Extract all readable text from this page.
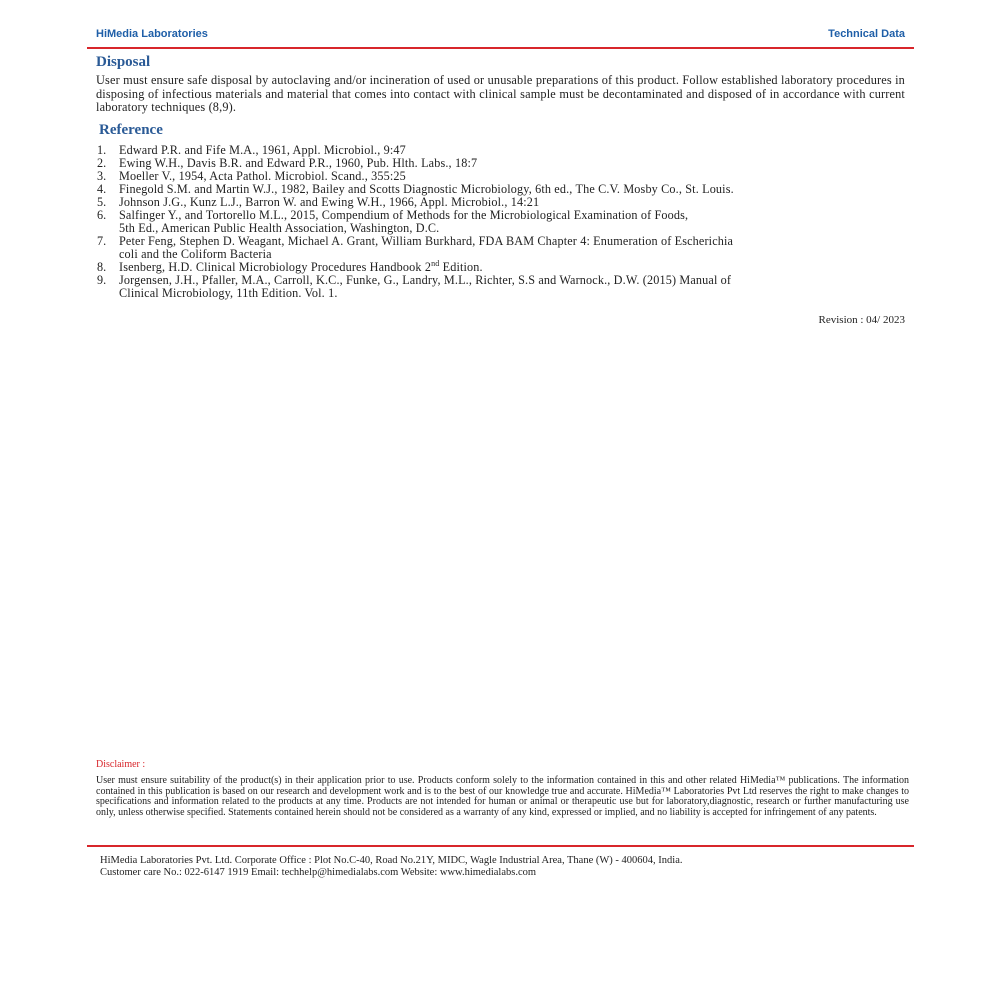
HiMedia Laboratories	Technical Data
Disposal
User must ensure safe disposal by autoclaving and/or incineration of used or unusable preparations of this product. Follow established laboratory procedures in disposing of infectious materials and material that comes into contact with clinical sample must be decontaminated and disposed of in accordance with current laboratory techniques (8,9).
Reference
1.	Edward P.R. and Fife M.A., 1961, Appl. Microbiol., 9:47
2.	Ewing W.H., Davis B.R. and Edward P.R., 1960, Pub. Hlth. Labs., 18:7
3.	Moeller V., 1954, Acta Pathol. Microbiol. Scand., 355:25
4.	Finegold S.M. and Martin W.J., 1982, Bailey and Scotts Diagnostic Microbiology, 6th ed., The C.V. Mosby Co., St. Louis.
5.	Johnson J.G., Kunz L.J., Barron W. and Ewing W.H., 1966, Appl. Microbiol., 14:21
6.	Salfinger Y., and Tortorello M.L., 2015, Compendium of Methods for the Microbiological Examination of Foods,
5th Ed., American Public Health Association, Washington, D.C.
7.	Peter Feng, Stephen D. Weagant, Michael A. Grant, William Burkhard, FDA BAM Chapter 4: Enumeration of Escherichia
coli and the Coliform Bacteria
8.	Isenberg, H.D. Clinical Microbiology Procedures Handbook 2nd Edition.
9.	Jorgensen, J.H., Pfaller, M.A., Carroll, K.C., Funke, G., Landry, M.L., Richter, S.S and Warnock., D.W. (2015) Manual of
Clinical Microbiology, 11th Edition. Vol. 1.
Revision : 04/ 2023
Disclaimer :
User must ensure suitability of the product(s) in their application prior to use. Products conform solely to the information contained in this and other related HiMedia™ publications. The information contained in this publication is based on our research and development work and is to the best of our knowledge true and accurate. HiMedia™ Laboratories Pvt Ltd reserves the right to make changes to specifications and information related to the products at any time. Products are not intended for human or animal or therapeutic use but for laboratory,diagnostic, research or further manufacturing use only, unless otherwise specified. Statements contained herein should not be considered as a warranty of any kind, expressed or implied, and no liability is accepted for infringement of any patents.
HiMedia Laboratories Pvt. Ltd. Corporate Office : Plot No.C-40, Road No.21Y, MIDC, Wagle Industrial Area, Thane (W) - 400604, India.
Customer care No.: 022-6147 1919 Email: techhelp@himedialabs.com Website: www.himedialabs.com
